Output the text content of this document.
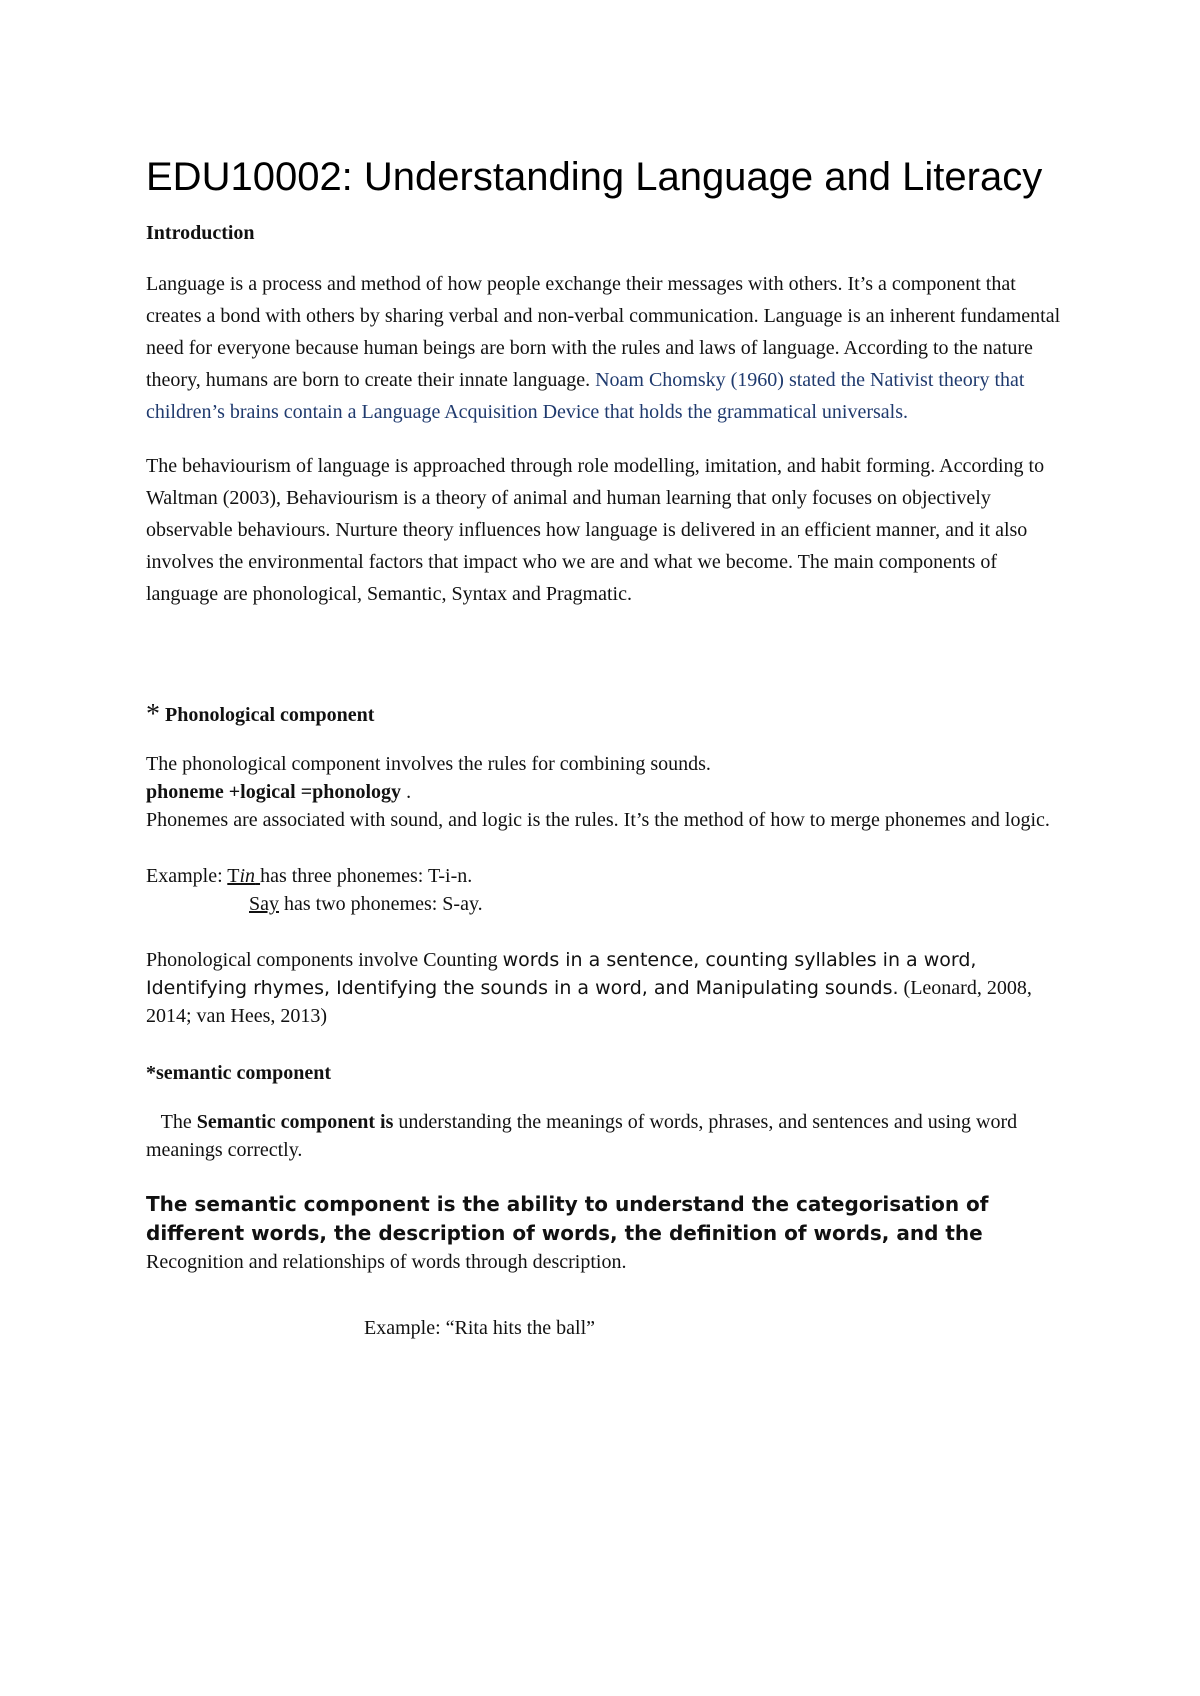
EDU10002: Understanding Language and Literacy

Introduction

Language is a process and method of how people exchange their messages with others. It’s a component that creates a bond with others by sharing verbal and non-verbal communication. Language is an inherent fundamental need for everyone because human beings are born with the rules and laws of language. According to the nature theory, humans are born to create their innate language. Noam Chomsky (1960) stated the Nativist theory that children’s brains contain a Language Acquisition Device that holds the grammatical universals.

The behaviourism of language is approached through role modelling, imitation, and habit forming. According to Waltman (2003), Behaviourism is a theory of animal and human learning that only focuses on objectively observable behaviours. Nurture theory influences how language is delivered in an efficient manner, and it also involves the environmental factors that impact who we are and what we become. The main components of language are phonological, Semantic, Syntax and Pragmatic.

* Phonological component

The phonological component involves the rules for combining sounds.

phoneme +logical =phonology .

Phonemes are associated with sound, and logic is the rules. It’s the method of how to merge phonemes and logic.

Example: Tin has three phonemes: T-i-n.

Say has two phonemes: S-ay.

Phonological components involve Counting words in a sentence, counting syllables in a word, Identifying rhymes, Identifying the sounds in a word, and Manipulating sounds. (Leonard, 2008, 2014; van Hees, 2013)

*semantic component

The Semantic component is understanding the meanings of words, phrases, and sentences and using word meanings correctly.

The semantic component is the ability to understand the categorisation of different words, the description of words, the definition of words, and the Recognition and relationships of words through description.

Example: “Rita hits the ball”
